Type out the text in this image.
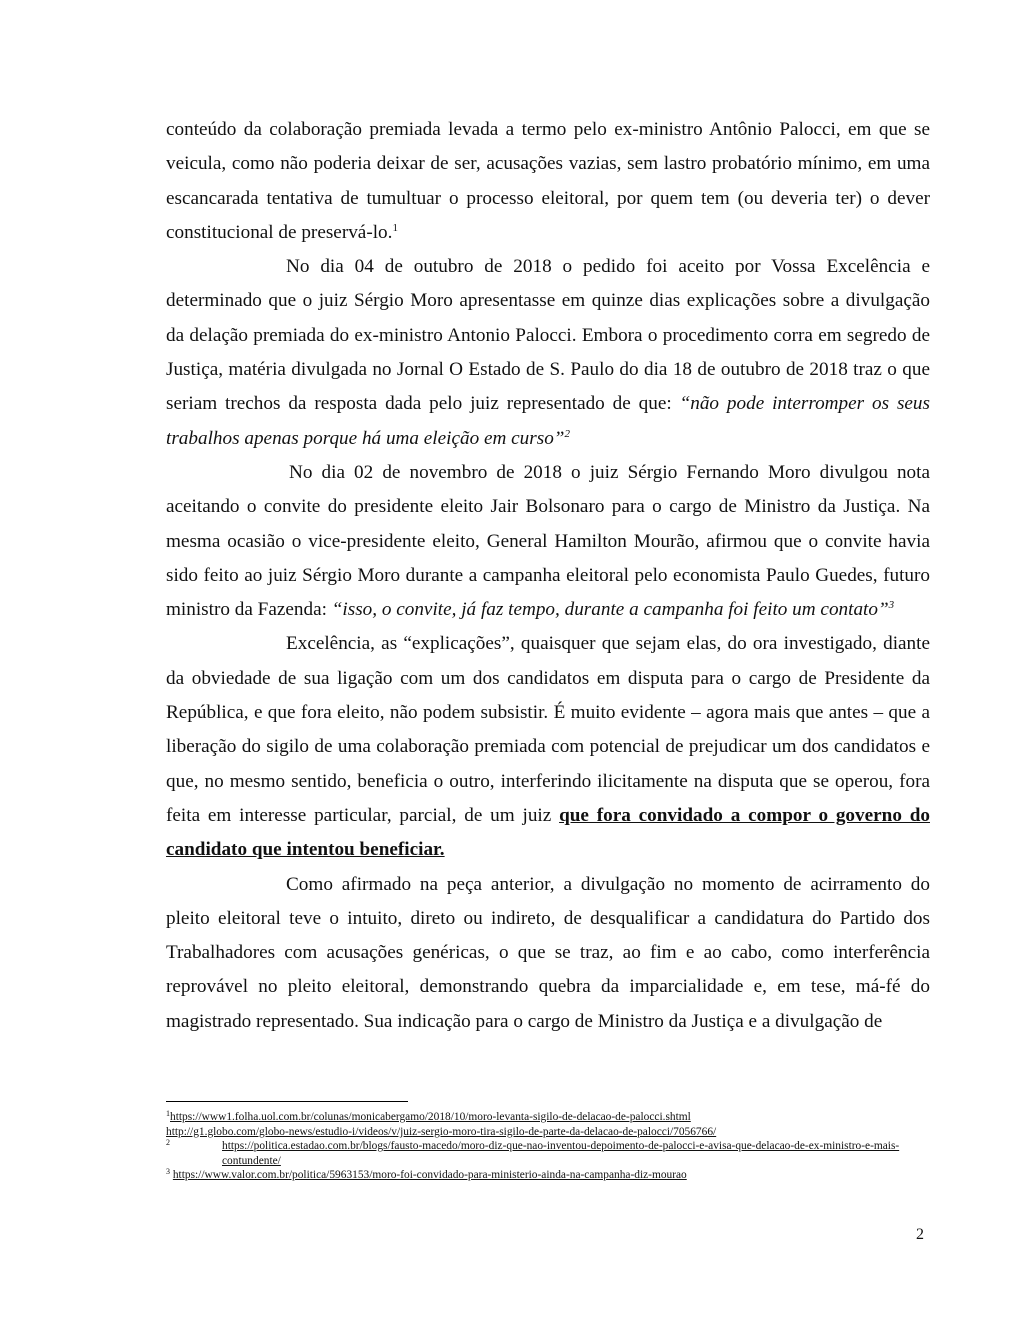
conteúdo da colaboração premiada levada a termo pelo ex-ministro Antônio Palocci, em que se veicula, como não poderia deixar de ser, acusações vazias, sem lastro probatório mínimo, em uma escancarada tentativa de tumultuar o processo eleitoral, por quem tem (ou deveria ter) o dever constitucional de preservá-lo.$^1$

No dia 04 de outubro de 2018 o pedido foi aceito por Vossa Excelência e determinado que o juiz Sérgio Moro apresentasse em quinze dias explicações sobre a divulgação da delação premiada do ex-ministro Antonio Palocci. Embora o procedimento corra em segredo de Justiça, matéria divulgada no Jornal O Estado de S. Paulo do dia 18 de outubro de 2018 traz o que seriam trechos da resposta dada pelo juiz representado de que: “não pode interromper os seus trabalhos apenas porque há uma eleição em curso”$^2$

No dia 02 de novembro de 2018 o juiz Sérgio Fernando Moro divulgou nota aceitando o convite do presidente eleito Jair Bolsonaro para o cargo de Ministro da Justiça. Na mesma ocasião o vice-presidente eleito, General Hamilton Mourão, afirmou que o convite havia sido feito ao juiz Sérgio Moro durante a campanha eleitoral pelo economista Paulo Guedes, futuro ministro da Fazenda: “isso, o convite, já faz tempo, durante a campanha foi feito um contato”$^3$

Excelência, as “explicações”, quaisquer que sejam elas, do ora investigado, diante da obviedade de sua ligação com um dos candidatos em disputa para o cargo de Presidente da República, e que fora eleito, não podem subsistir. É muito evidente – agora mais que antes – que a liberação do sigilo de uma colaboração premiada com potencial de prejudicar um dos candidatos e que, no mesmo sentido, beneficia o outro, interferindo ilicitamente na disputa que se operou, fora feita em interesse particular, parcial, de um juiz que fora convidado a compor o governo do candidato que intentou beneficiar.

Como afirmado na peça anterior, a divulgação no momento de acirramento do pleito eleitoral teve o intuito, direto ou indireto, de desqualificar a candidatura do Partido dos Trabalhadores com acusações genéricas, o que se traz, ao fim e ao cabo, como interferência reprovável no pleito eleitoral, demonstrando quebra da imparcialidade e, em tese, má-fé do magistrado representado. Sua indicação para o cargo de Ministro da Justiça e a divulgação de

$^1$https://www1.folha.uol.com.br/colunas/monicabergamo/2018/10/moro-levanta-sigilo-de-delacao-de-palocci.shtml

http://g1.globo.com/globo-news/estudio-i/videos/v/juiz-sergio-moro-tira-sigilo-de-parte-da-delacao-de-palocci/7056766/

2	https://politica.estadao.com.br/blogs/fausto-macedo/moro-diz-que-nao-inventou-depoimento-de-palocci-e-avisa-que-delacao-de-ex-ministro-e-mais-contundente/

$^3$ https://www.valor.com.br/politica/5963153/moro-foi-convidado-para-ministerio-ainda-na-campanha-diz-mourao

2
